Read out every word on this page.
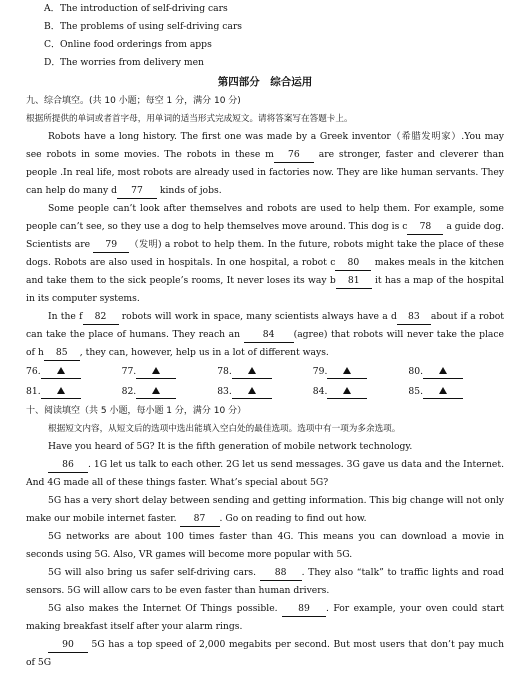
A．The introduction of self-driving cars
B．The problems of using self-driving cars
C．Online food orderings from apps
D．The worries from delivery men
第四部分　综合运用
九、综合填空。(共 10 小题；每空 1 分，满分 10 分)
根据所提供的单词或者首字母，用单词的适当形式完成短文。请将答案写在答题卡上。

Robots have a long history. The first one was made by a Greek inventor（希腊发明家）.You may see robots in some movies. The robots in these m 76 are stronger, faster and cleverer than people .In real life, most robots are already used in factories now. They are like human servants. They can help do many d 77 kinds of jobs.

Some people can’t look after themselves and robots are used to help them. For example, some people can’t see, so they use a dog to help themselves move around. This dog is c 78 a guide dog. Scientists are 79 （发明) a robot to help them. In the future, robots might take the place of these dogs. Robots are also used in hospitals. In one hospital, a robot c 80 makes meals in the kitchen and take them to the sick people’s rooms, It never loses its way b 81 it has a map of the hospital in its computer systems.

In the f 82 robots will work in space, many scientists always have a d 83 about if a robot can take the place of humans. They reach an 84 (agree) that robots will never take the place of h 85 , they can, however, help us in a lot of different ways.

76.	77.	78.	79.	80.
81.	82.	83.	84.	85.
十、阅读填空（共 5 小题，每小题 1 分，满分 10 分）
根据短文内容，从短文后的选项中选出能填入空白处的最佳选项。选项中有一项为多余选项。

Have you heard of 5G? It is the fifth generation of mobile network technology.

86 . 1G let us talk to each other. 2G let us send messages. 3G gave us data and the Internet. And 4G made all of these things faster. What’s special about 5G?

5G has a very short delay between sending and getting information. This big change will not only make our mobile internet faster. 87 . Go on reading to find out how.

5G networks are about 100 times faster than 4G. This means you can download a movie in seconds using 5G. Also, VR games will become more popular with 5G.

5G will also bring us safer self-driving cars. 88 . They also “talk” to traffic lights and road sensors. 5G will allow cars to be even faster than human drivers.

5G also makes the Internet Of Things possible. 89 . For example, your oven could start making breakfast itself after your alarm rings.

90 5G has a top speed of 2,000 megabits per second. But most users that don’t pay much of 5G
